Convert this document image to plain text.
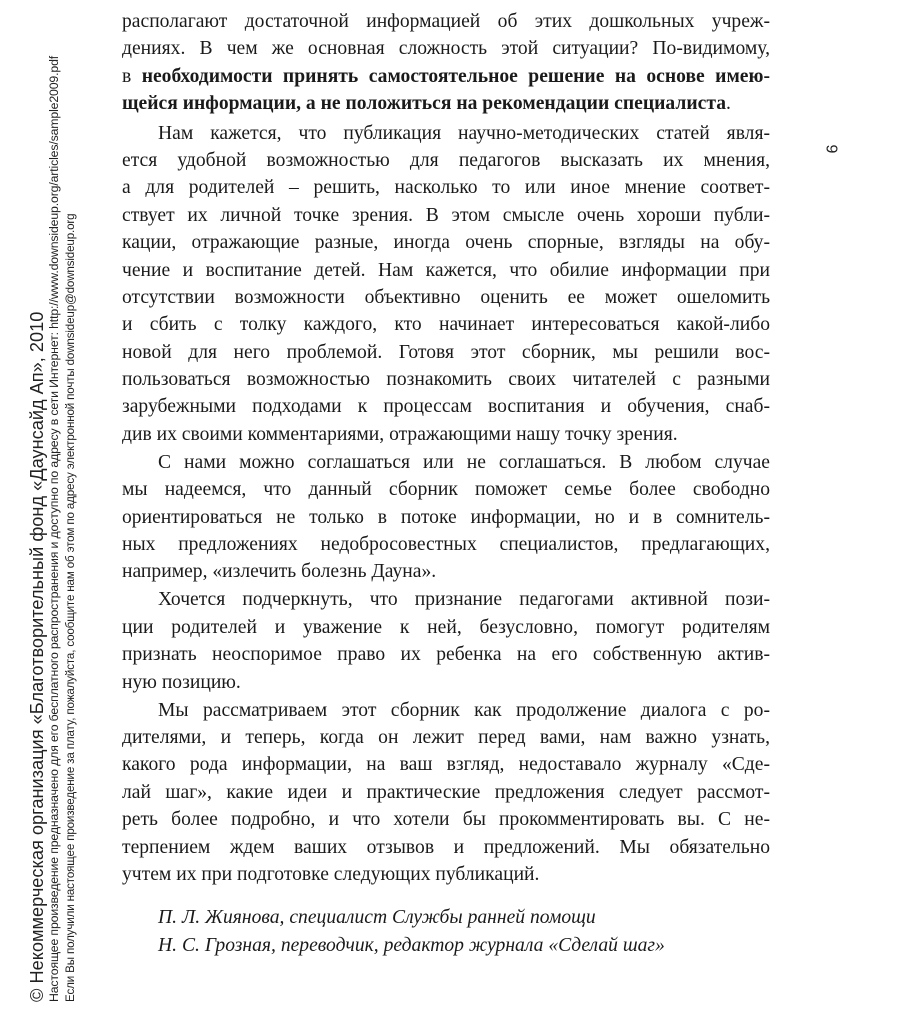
© Некоммерческая организация «Благотворительный фонд «Даунсайд Ап», 2010 Настоящее произведение предназначено для его бесплатного распространения и доступно по адресу в сети Интернет: http://www.downsideup.org/articles/sample2009.pdf Если Вы получили настоящее произведение за плату, пожалуйста, сообщите нам об этом по адресу электронной почты downsideup@downsideup.org
9
располагают достаточной информацией об этих дошкольных учреж-
дениях. В чем же основная сложность этой ситуации? По-видимому,
в необходимости принять самостоятельное решение на основе имею-
щейся информации, а не положиться на рекомендации специалиста.
Нам кажется, что публикация научно-методических статей явля-
ется удобной возможностью для педагогов высказать их мнения,
а для родителей – решить, насколько то или иное мнение соответ-
ствует их личной точке зрения. В этом смысле очень хороши публи-
кации, отражающие разные, иногда очень спорные, взгляды на обу-
чение и воспитание детей. Нам кажется, что обилие информации при
отсутствии возможности объективно оценить ее может ошеломить
и сбить с толку каждого, кто начинает интересоваться какой-либо
новой для него проблемой. Готовя этот сборник, мы решили вос-
пользоваться возможностью познакомить своих читателей с разными
зарубежными подходами к процессам воспитания и обучения, снаб-
див их своими комментариями, отражающими нашу точку зрения.
С нами можно соглашаться или не соглашаться. В любом случае
мы надеемся, что данный сборник поможет семье более свободно
ориентироваться не только в потоке информации, но и в сомнитель-
ных предложениях недобросовестных специалистов, предлагающих,
например, «излечить болезнь Дауна».
Хочется подчеркнуть, что признание педагогами активной пози-
ции родителей и уважение к ней, безусловно, помогут родителям
признать неоспоримое право их ребенка на его собственную актив-
ную позицию.
Мы рассматриваем этот сборник как продолжение диалога с ро-
дителями, и теперь, когда он лежит перед вами, нам важно узнать,
какого рода информации, на ваш взгляд, недоставало журналу «Сде-
лай шаг», какие идеи и практические предложения следует рассмот-
реть более подробно, и что хотели бы прокомментировать вы. С не-
терпением ждем ваших отзывов и предложений. Мы обязательно
учтем их при подготовке следующих публикаций.
П. Л. Жиянова, специалист Службы ранней помощи
Н. С. Грозная, переводчик, редактор журнала «Сделай шаг»
